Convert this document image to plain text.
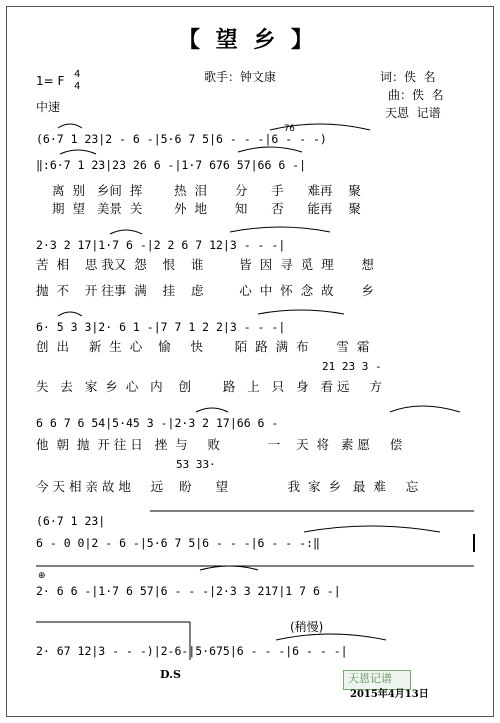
【 望 乡 】
1= F 4
4
中速
歌手：钟文康	词：佚  名
曲：佚  名
天恩  记谱
76
(6·7 1 23|2 - 6 -|5·6 7 5|6 - - -|6 - - -)
‖:6·7 1 23|23 26 6 -|1·7 676 57|66 6 -|
离  别   乡间  挥        热  泪       分      手      难再    聚
期  望   美景  关        外  地       知      否      能再    聚
2·3 2 17|1·7 6 -|2 2 6 7 12|3 - - -|
苦  相    思 我又  怨    恨    谁         皆  因  寻  觅  理       想
抛  不    开 往事  满    挂    虑         心  中  怀  念  故       乡
6· 5 3 3|2· 6 1 -|7 7 1 2 2|3 - - -|
创  出     新  生  心    愉     快        陌  路  满  布       雪  霜
21 23 3 -
失   去   家  乡  心   内    创        路   上   只   身   看 远     方
6 6 7 6 54|5·45 3 -|2·3 2 17|66 6 -
他  朝  抛  开 往 日   挫  与     败            一    天  将   素 愿     偿
53 33·
今 天 相 亲 故 地     远    盼      望               我  家  乡   最  难     忘
(6·7 1 23|
6 - 0 0|2 - 6 -|5·6 7 5|6 - - -|6 - - -:‖
⊕
2· 6 6 -|1·7 6 57|6 - - -|2·3 3 217|1 7 6 -|
(稍慢)
2· 67 12|3 - - -)|2-6-|5·675|6 - - -|6 - - -|
D.S	天恩记谱
2015年4月13日
